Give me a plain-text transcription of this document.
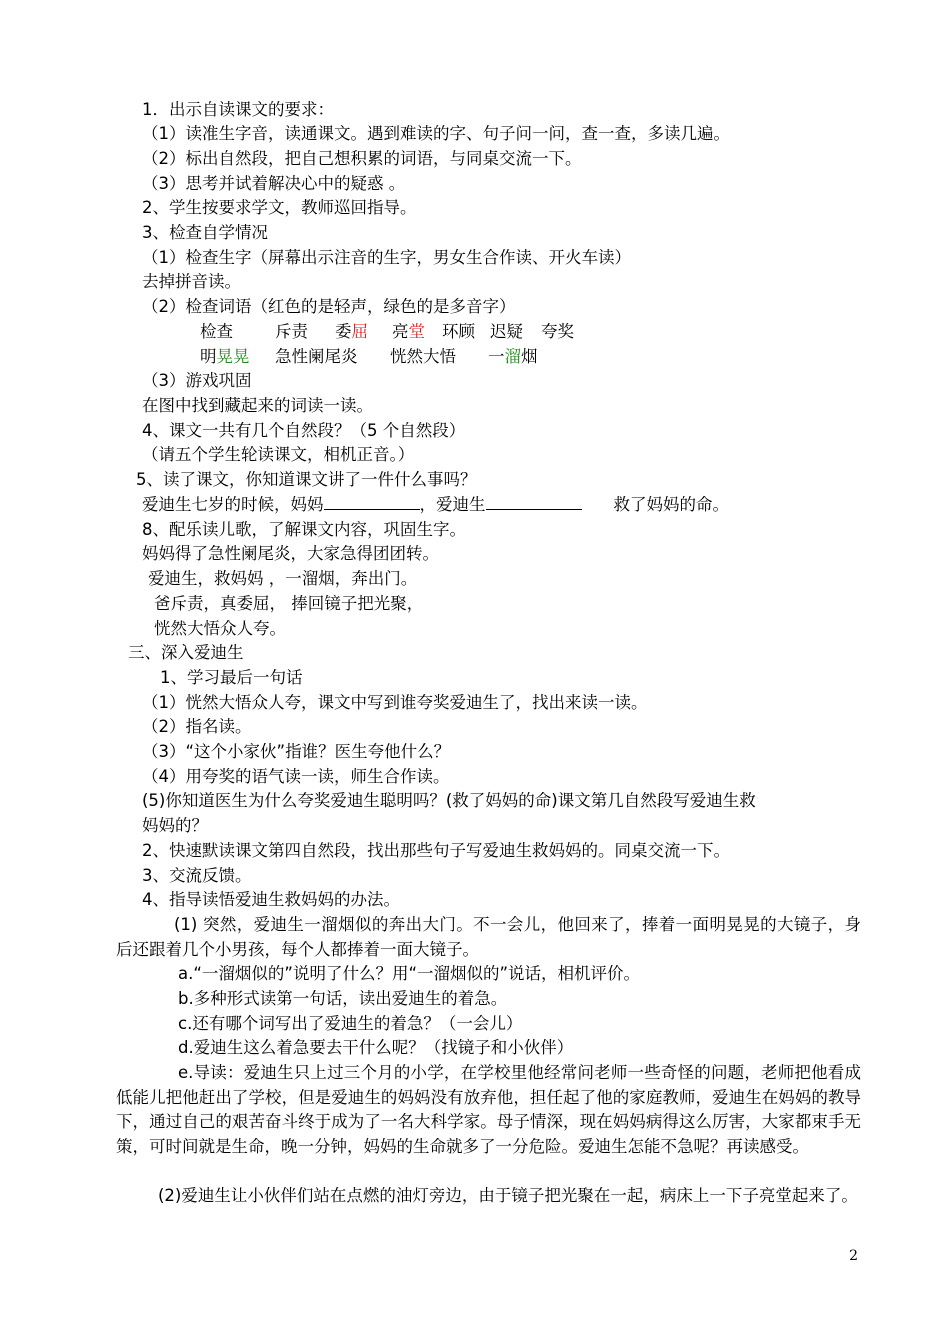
1．出示自读课文的要求：
（1）读准生字音，读通课文。遇到难读的字、句子问一问，查一查，多读几遍。
（2）标出自然段，把自己想积累的词语，与同桌交流一下。
（3）思考并试着解决心中的疑惑 。
2、学生按要求学文，教师巡回指导。
3、检查自学情况
（1）检查生字（屏幕出示注音的生字，男女生合作读、开火车读）
去掉拼音读。
（2）检查词语（红色的是轻声，绿色的是多音字）
检查	斥责 委屈 亮堂 环顾 迟疑 夸奖
明晃晃 急性阑尾炎 恍然大悟 一溜烟
（3）游戏巩固
在图中找到藏起来的词读一读。
4、课文一共有几个自然段？（5 个自然段）
（请五个学生轮读课文，相机正音。）
5、读了课文，你知道课文讲了一件什么事吗？
爱迪生七岁的时候，妈妈	，爱迪生	救了妈妈的命。
8、配乐读儿歌，了解课文内容，巩固生字。
妈妈得了急性阑尾炎，大家急得团团转。
爱迪生，救妈妈 ，一溜烟，奔出门。
爸斥责，真委屈， 捧回镜子把光聚，
恍然大悟众人夸。
三、深入爱迪生
1、学习最后一句话
（1）恍然大悟众人夸，课文中写到谁夸奖爱迪生了，找出来读一读。
（2）指名读。
（3）“这个小家伙”指谁？医生夸他什么？
（4）用夸奖的语气读一读，师生合作读。
(5)你知道医生为什么夸奖爱迪生聪明吗？(救了妈妈的命)课文第几自然段写爱迪生救
妈妈的？
2、快速默读课文第四自然段，找出那些句子写爱迪生救妈妈的。同桌交流一下。
3、交流反馈。
4、指导读悟爱迪生救妈妈的办法。
(1) 突然，爱迪生一溜烟似的奔出大门。不一会儿，他回来了，捧着一面明晃晃的大镜子，身后还跟着几个小男孩，每个人都捧着一面大镜子。
a.“一溜烟似的”说明了什么？用“一溜烟似的”说话，相机评价。
b.多种形式读第一句话，读出爱迪生的着急。
c.还有哪个词写出了爱迪生的着急？（一会儿）
d.爱迪生这么着急要去干什么呢？（找镜子和小伙伴）
e.导读：爱迪生只上过三个月的小学，在学校里他经常问老师一些奇怪的问题，老师把他看成低能儿把他赶出了学校，但是爱迪生的妈妈没有放弃他，担任起了他的家庭教师，爱迪生在妈妈的教导下，通过自己的艰苦奋斗终于成为了一名大科学家。母子情深，现在妈妈病得这么厉害，大家都束手无策，可时间就是生命，晚一分钟，妈妈的生命就多了一分危险。爱迪生怎能不急呢？再读感受。
(2)爱迪生让小伙伴们站在点燃的油灯旁边，由于镜子把光聚在一起，病床上一下子亮堂起来了。
2
